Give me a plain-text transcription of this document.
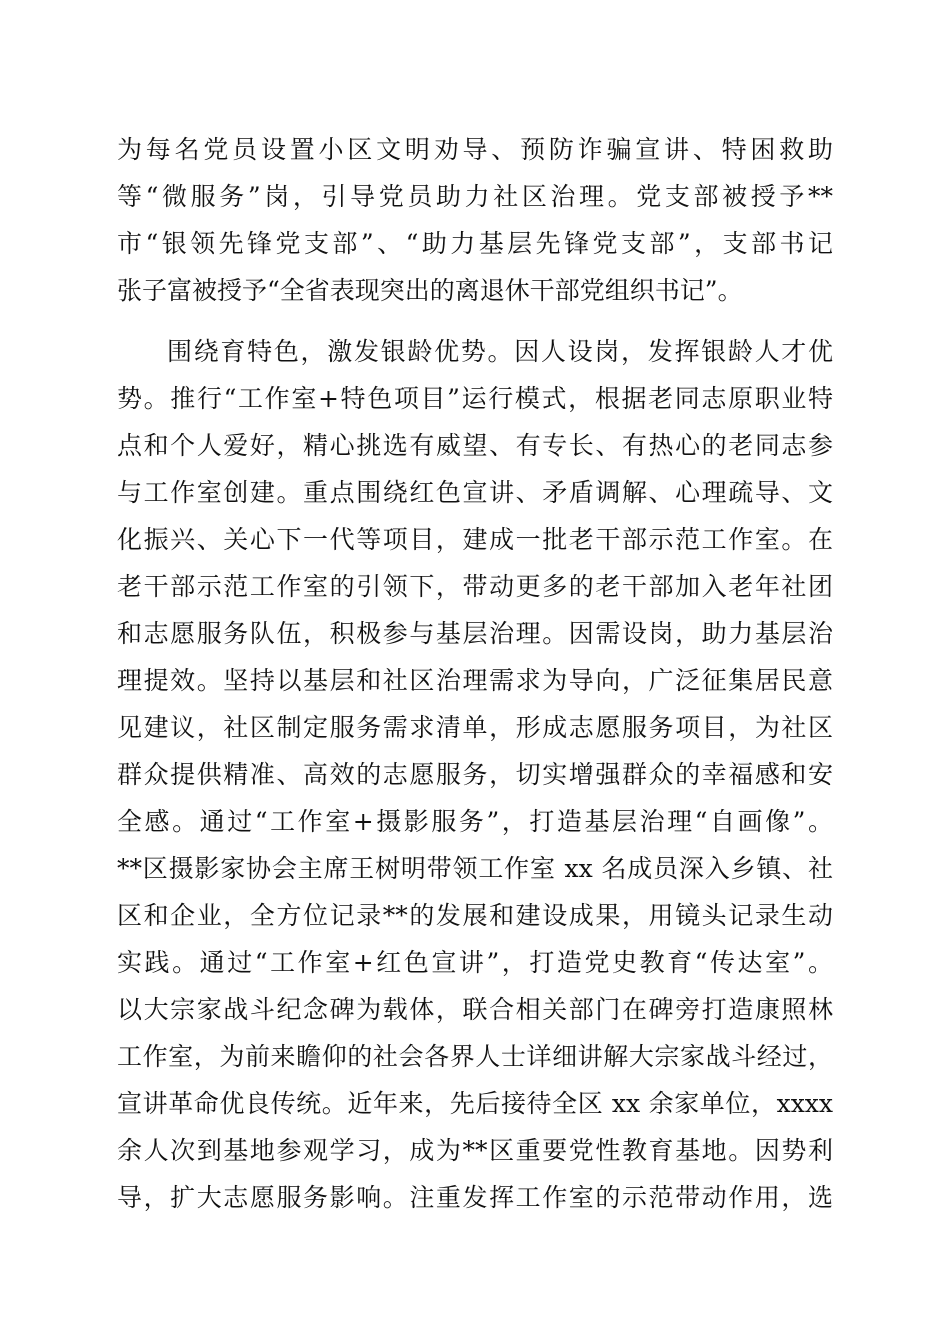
为每名党员设置小区文明劝导、预防诈骗宣讲、特困救助
等“微服务”岗，引导党员助力社区治理。党支部被授予**
市“银领先锋党支部”、“助力基层先锋党支部”，支部书记
张子富被授予“全省表现突出的离退休干部党组织书记”。
围绕育特色，激发银龄优势。因人设岗，发挥银龄人才优
势。推行“工作室+特色项目”运行模式，根据老同志原职业特
点和个人爱好，精心挑选有威望、有专长、有热心的老同志参
与工作室创建。重点围绕红色宣讲、矛盾调解、心理疏导、文
化振兴、关心下一代等项目，建成一批老干部示范工作室。在
老干部示范工作室的引领下，带动更多的老干部加入老年社团
和志愿服务队伍，积极参与基层治理。因需设岗，助力基层治
理提效。坚持以基层和社区治理需求为导向，广泛征集居民意
见建议，社区制定服务需求清单，形成志愿服务项目，为社区
群众提供精准、高效的志愿服务，切实增强群众的幸福感和安
全感。通过“工作室+摄影服务”，打造基层治理“自画像”。
**区摄影家协会主席王树明带领工作室 xx 名成员深入乡镇、社
区和企业，全方位记录**的发展和建设成果，用镜头记录生动
实践。通过“工作室+红色宣讲”，打造党史教育“传达室”。
以大宗家战斗纪念碑为载体，联合相关部门在碑旁打造康照林
工作室，为前来瞻仰的社会各界人士详细讲解大宗家战斗经过，
宣讲革命优良传统。近年来，先后接待全区 xx 余家单位，xxxx
余人次到基地参观学习，成为**区重要党性教育基地。因势利
导，扩大志愿服务影响。注重发挥工作室的示范带动作用，选
